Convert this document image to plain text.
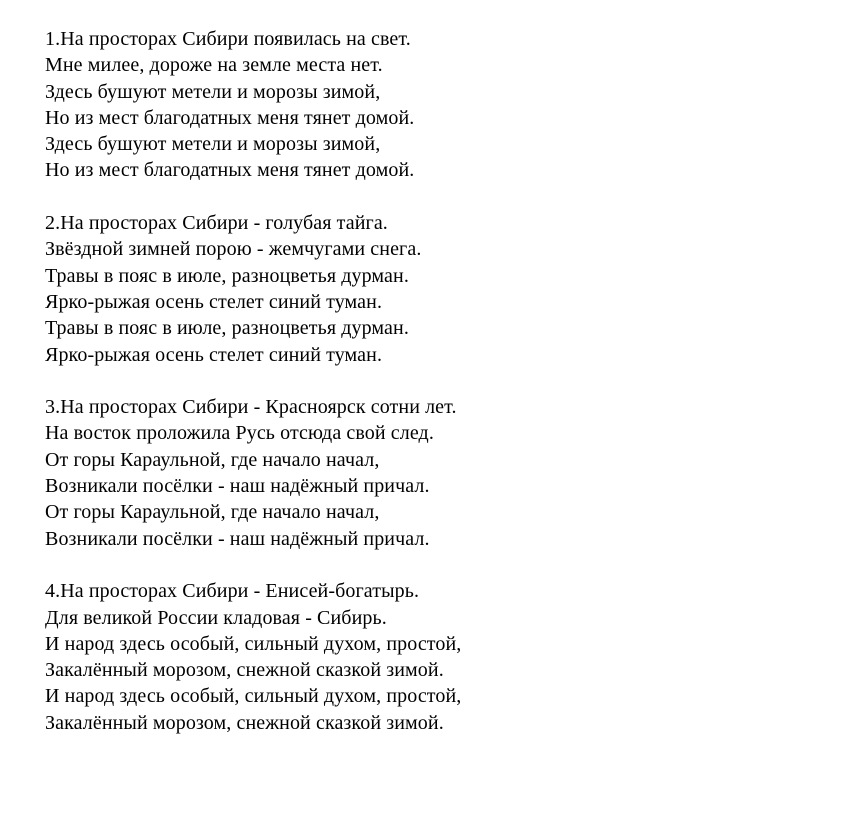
1.На просторах Сибири появилась на свет.

Мне милее, дороже на земле места нет.

Здесь бушуют метели и морозы зимой,

Но из мест благодатных меня тянет домой.

Здесь бушуют метели и морозы зимой,

Но из мест благодатных меня тянет домой.

2.На просторах Сибири - голубая тайга.

Звёздной зимней порою - жемчугами снега.

Травы в пояс в июле, разноцветья дурман.

Ярко-рыжая осень стелет синий туман.

Травы в пояс в июле, разноцветья дурман.

Ярко-рыжая осень стелет синий туман.

3.На просторах Сибири - Красноярск сотни лет.

На восток проложила Русь отсюда свой след.

От горы Караульной, где начало начал,

Возникали посёлки - наш надёжный причал.

От горы Караульной, где начало начал,

Возникали посёлки - наш надёжный причал.

4.На просторах Сибири - Енисей-богатырь.

Для великой России кладовая - Сибирь.

И народ здесь особый, сильный духом, простой,

Закалённый морозом, снежной сказкой зимой.

И народ здесь особый, сильный духом, простой,

Закалённый морозом, снежной сказкой зимой.
